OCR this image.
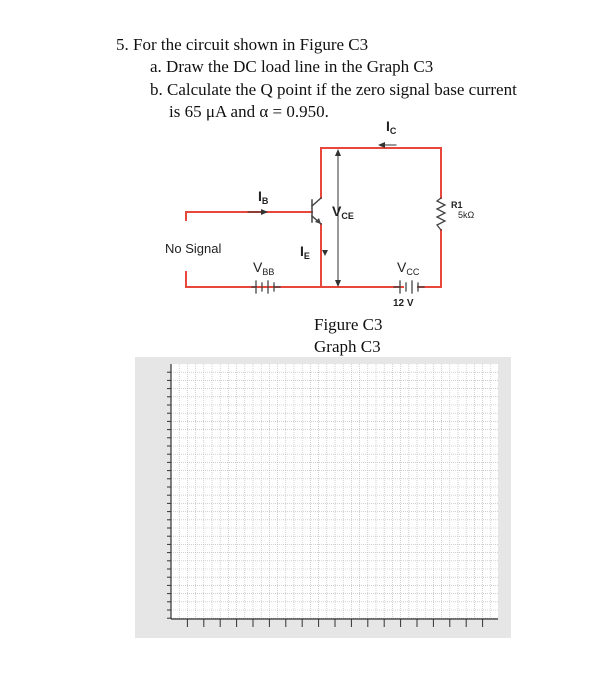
5. For the circuit shown in Figure C3
a. Draw the DC load line in the Graph C3
b. Calculate the Q point if the zero signal base current
is 65 μA and α = 0.950.
$I_C$
$I_B$
$V_{CE}$
$I_E$
$V_{BB}$	$V_{CC}$
No Signal
R1
5kΩ
12 V
Figure C3
Graph C3
